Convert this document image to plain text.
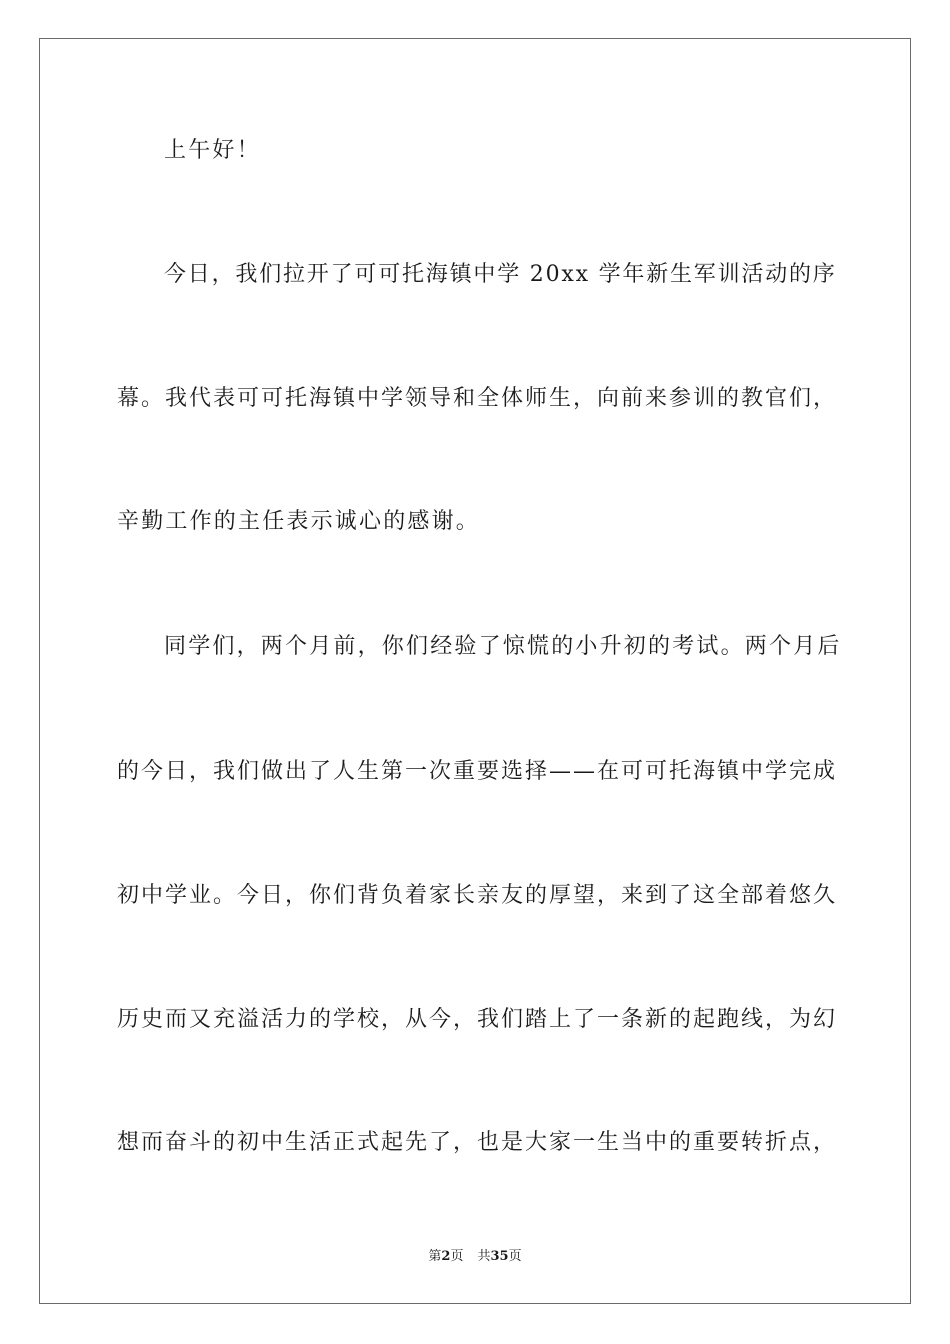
上午好！
今日，我们拉开了可可托海镇中学 20xx 学年新生军训活动的序
幕。我代表可可托海镇中学领导和全体师生，向前来参训的教官们，
辛勤工作的主任表示诚心的感谢。
同学们，两个月前，你们经验了惊慌的小升初的考试。两个月后
的今日，我们做出了人生第一次重要选择——在可可托海镇中学完成
初中学业。今日，你们背负着家长亲友的厚望，来到了这全部着悠久
历史而又充溢活力的学校，从今，我们踏上了一条新的起跑线，为幻
想而奋斗的初中生活正式起先了，也是大家一生当中的重要转折点，
第2页 共35页
